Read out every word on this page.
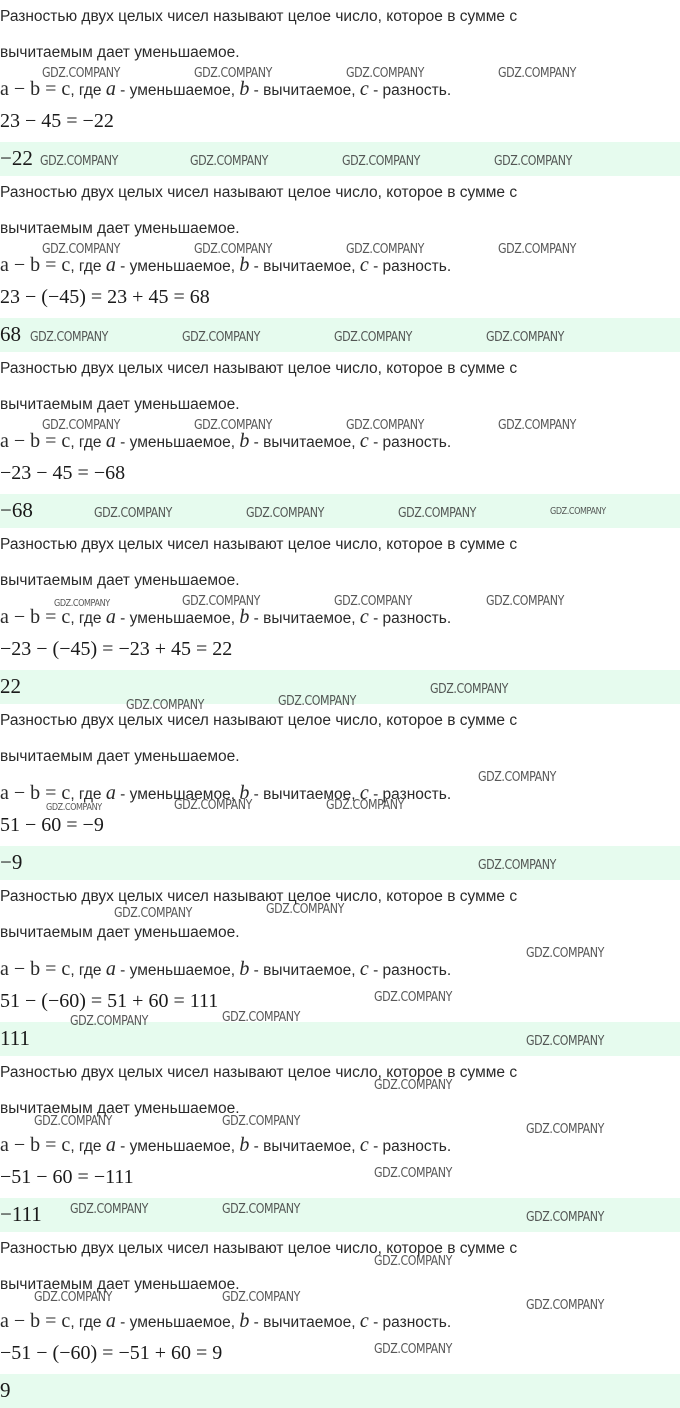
Разностью двух целых чисел называют целое число, которое в сумме с
вычитаемым дает уменьшаемое.
a − b = c, где a - уменьшаемое, b - вычитаемое, c - разность.
23 − 45 = −22
−22
Разностью двух целых чисел называют целое число, которое в сумме с
вычитаемым дает уменьшаемое.
a − b = c, где a - уменьшаемое, b - вычитаемое, c - разность.
23 − (−45) = 23 + 45 = 68
68
Разностью двух целых чисел называют целое число, которое в сумме с
вычитаемым дает уменьшаемое.
a − b = c, где a - уменьшаемое, b - вычитаемое, c - разность.
−23 − 45 = −68
−68
Разностью двух целых чисел называют целое число, которое в сумме с
вычитаемым дает уменьшаемое.
a − b = c, где a - уменьшаемое, b - вычитаемое, c - разность.
−23 − (−45) = −23 + 45 = 22
22
Разностью двух целых чисел называют целое число, которое в сумме с
вычитаемым дает уменьшаемое.
a − b = c, где a - уменьшаемое, b - вычитаемое, c - разность.
51 − 60 = −9
−9
Разностью двух целых чисел называют целое число, которое в сумме с
вычитаемым дает уменьшаемое.
a − b = c, где a - уменьшаемое, b - вычитаемое, c - разность.
51 − (−60) = 51 + 60 = 111
111
Разностью двух целых чисел называют целое число, которое в сумме с
вычитаемым дает уменьшаемое.
a − b = c, где a - уменьшаемое, b - вычитаемое, c - разность.
−51 − 60 = −111
−111
Разностью двух целых чисел называют целое число, которое в сумме с
вычитаемым дает уменьшаемое.
a − b = c, где a - уменьшаемое, b - вычитаемое, c - разность.
−51 − (−60) = −51 + 60 = 9
9
GDZ.COMPANY	GDZ.COMPANY	GDZ.COMPANY	GDZ.COMPANY
GDZ.COMPANY	GDZ.COMPANY	GDZ.COMPANY	GDZ.COMPANY
GDZ.COMPANY	GDZ.COMPANY	GDZ.COMPANY	GDZ.COMPANY
GDZ.COMPANY	GDZ.COMPANY	GDZ.COMPANY	GDZ.COMPANY
GDZ.COMPANY	GDZ.COMPANY	GDZ.COMPANY	GDZ.COMPANY
GDZ.COMPANY	GDZ.COMPANY	GDZ.COMPANY	GDZ.COMPANY
GDZ.COMPANY	GDZ.COMPANY	GDZ.COMPANY	GDZ.COMPANY
GDZ.COMPANY	GDZ.COMPANY
GDZ.COMPANY
GDZ.COMPANY
GDZ.COMPANY	GDZ.COMPANY	GDZ.COMPANY
GDZ.COMPANY
GDZ.COMPANY	GDZ.COMPANY
GDZ.COMPANY
GDZ.COMPANY
GDZ.COMPANY	GDZ.COMPANY
GDZ.COMPANY
GDZ.COMPANY
GDZ.COMPANY	GDZ.COMPANY
GDZ.COMPANY
GDZ.COMPANY
GDZ.COMPANY	GDZ.COMPANY
GDZ.COMPANY
GDZ.COMPANY
GDZ.COMPANY	GDZ.COMPANY
GDZ.COMPANY
GDZ.COMPANY
